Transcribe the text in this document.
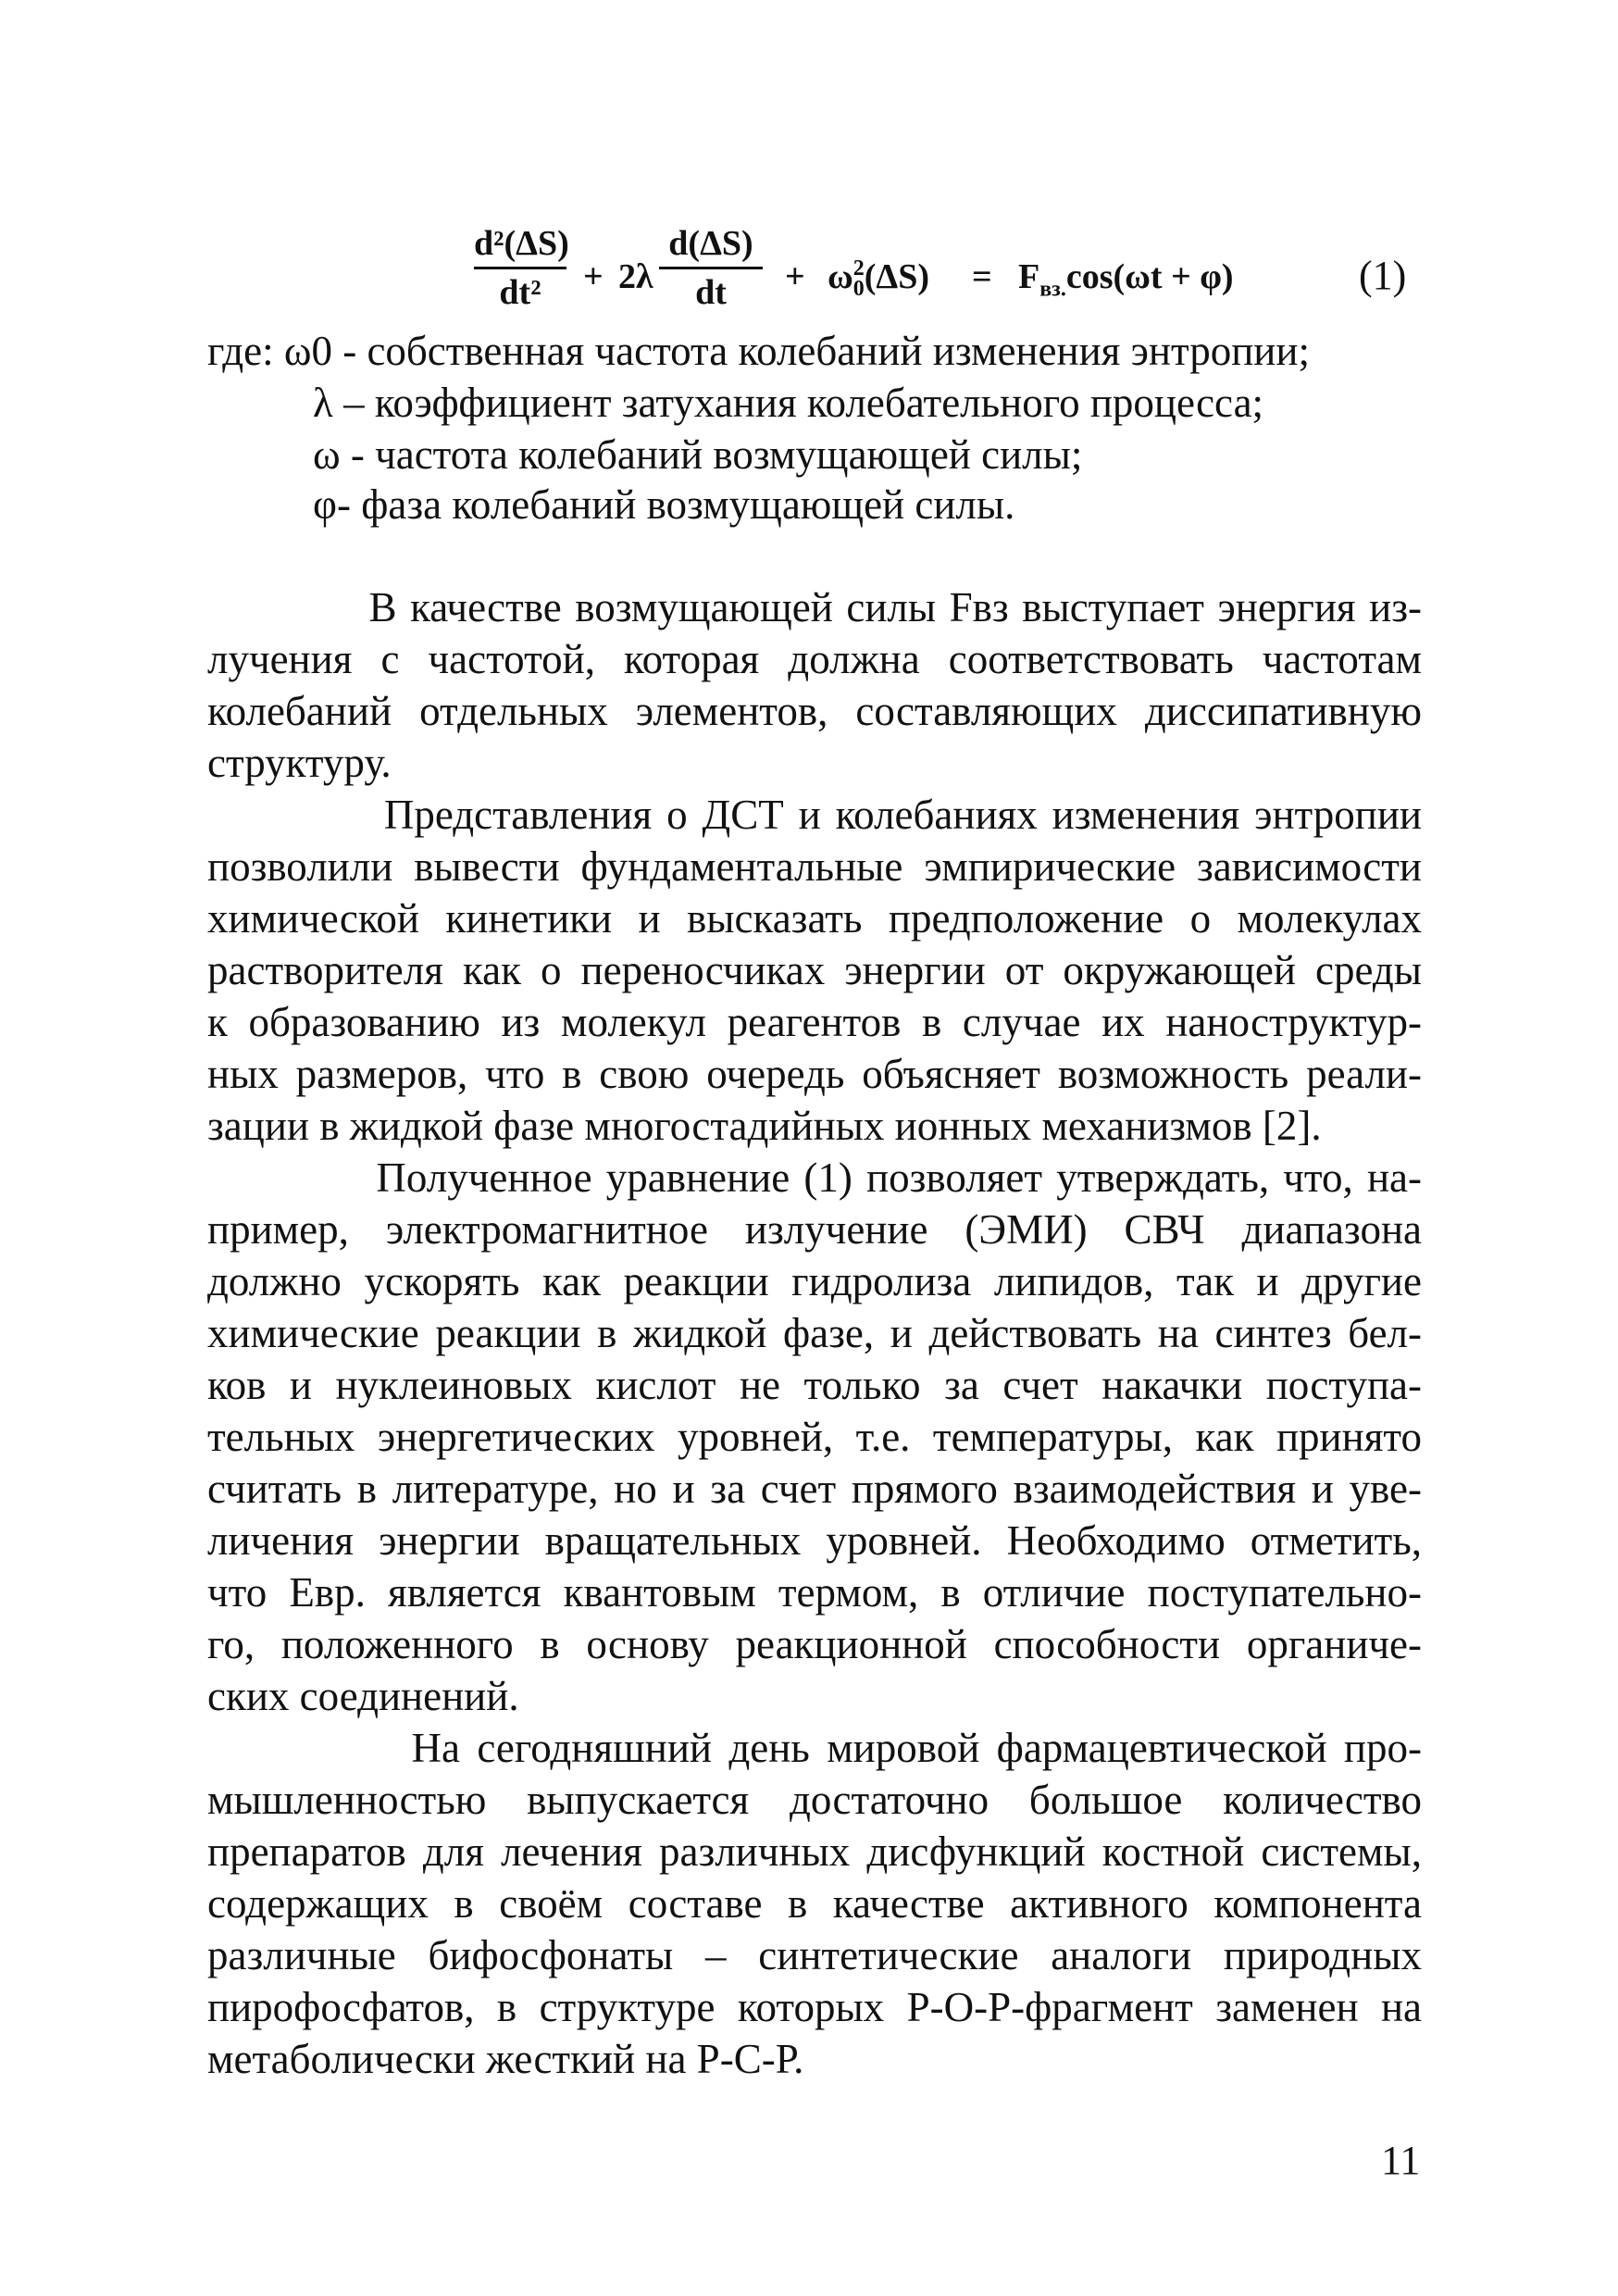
d²(ΔS)
dt²	+ 2λ
d(ΔS)
dt	+ ω 2
0 $(\Delta S) = F_{вз.}\cos(\omega t + \varphi)$	(1)
где: ω0 - собственная частота колебаний изменения энтропии;
λ – коэффициент затухания колебательного процесса;
ω - частота колебаний возмущающей силы;
φ- фаза колебаний возмущающей силы.
В качестве возмущающей силы Fвз выступает энергия из-
лучения с частотой, которая должна соответствовать частотам
колебаний отдельных элементов, составляющих диссипативную
структуру.
Представления о ДСТ и колебаниях изменения энтропии
позволили вывести фундаментальные эмпирические зависимости
химической кинетики и высказать предположение о молекулах
растворителя как о переносчиках энергии от окружающей среды
к образованию из молекул реагентов в случае их наноструктур-
ных размеров, что в свою очередь объясняет возможность реали-
зации в жидкой фазе многостадийных ионных механизмов [2].
Полученное уравнение (1) позволяет утверждать, что, на-
пример, электромагнитное излучение (ЭМИ) СВЧ диапазона
должно ускорять как реакции гидролиза липидов, так и другие
химические реакции в жидкой фазе, и действовать на синтез бел-
ков и нуклеиновых кислот не только за счет накачки поступа-
тельных энергетических уровней, т.е. температуры, как принято
считать в литературе, но и за счет прямого взаимодействия и уве-
личения энергии вращательных уровней. Необходимо отметить,
что Евр. является квантовым термом, в отличие поступательно-
го, положенного в основу реакционной способности органиче-
ских соединений.
На сегодняшний день мировой фармацевтической про-
мышленностью выпускается достаточно большое количество
препаратов для лечения различных дисфункций костной системы,
содержащих в своём составе в качестве активного компонента
различные бифосфонаты – синтетические аналоги природных
пирофосфатов, в структуре которых Р-О-Р-фрагмент заменен на
метаболически жесткий на Р-С-Р.
11
